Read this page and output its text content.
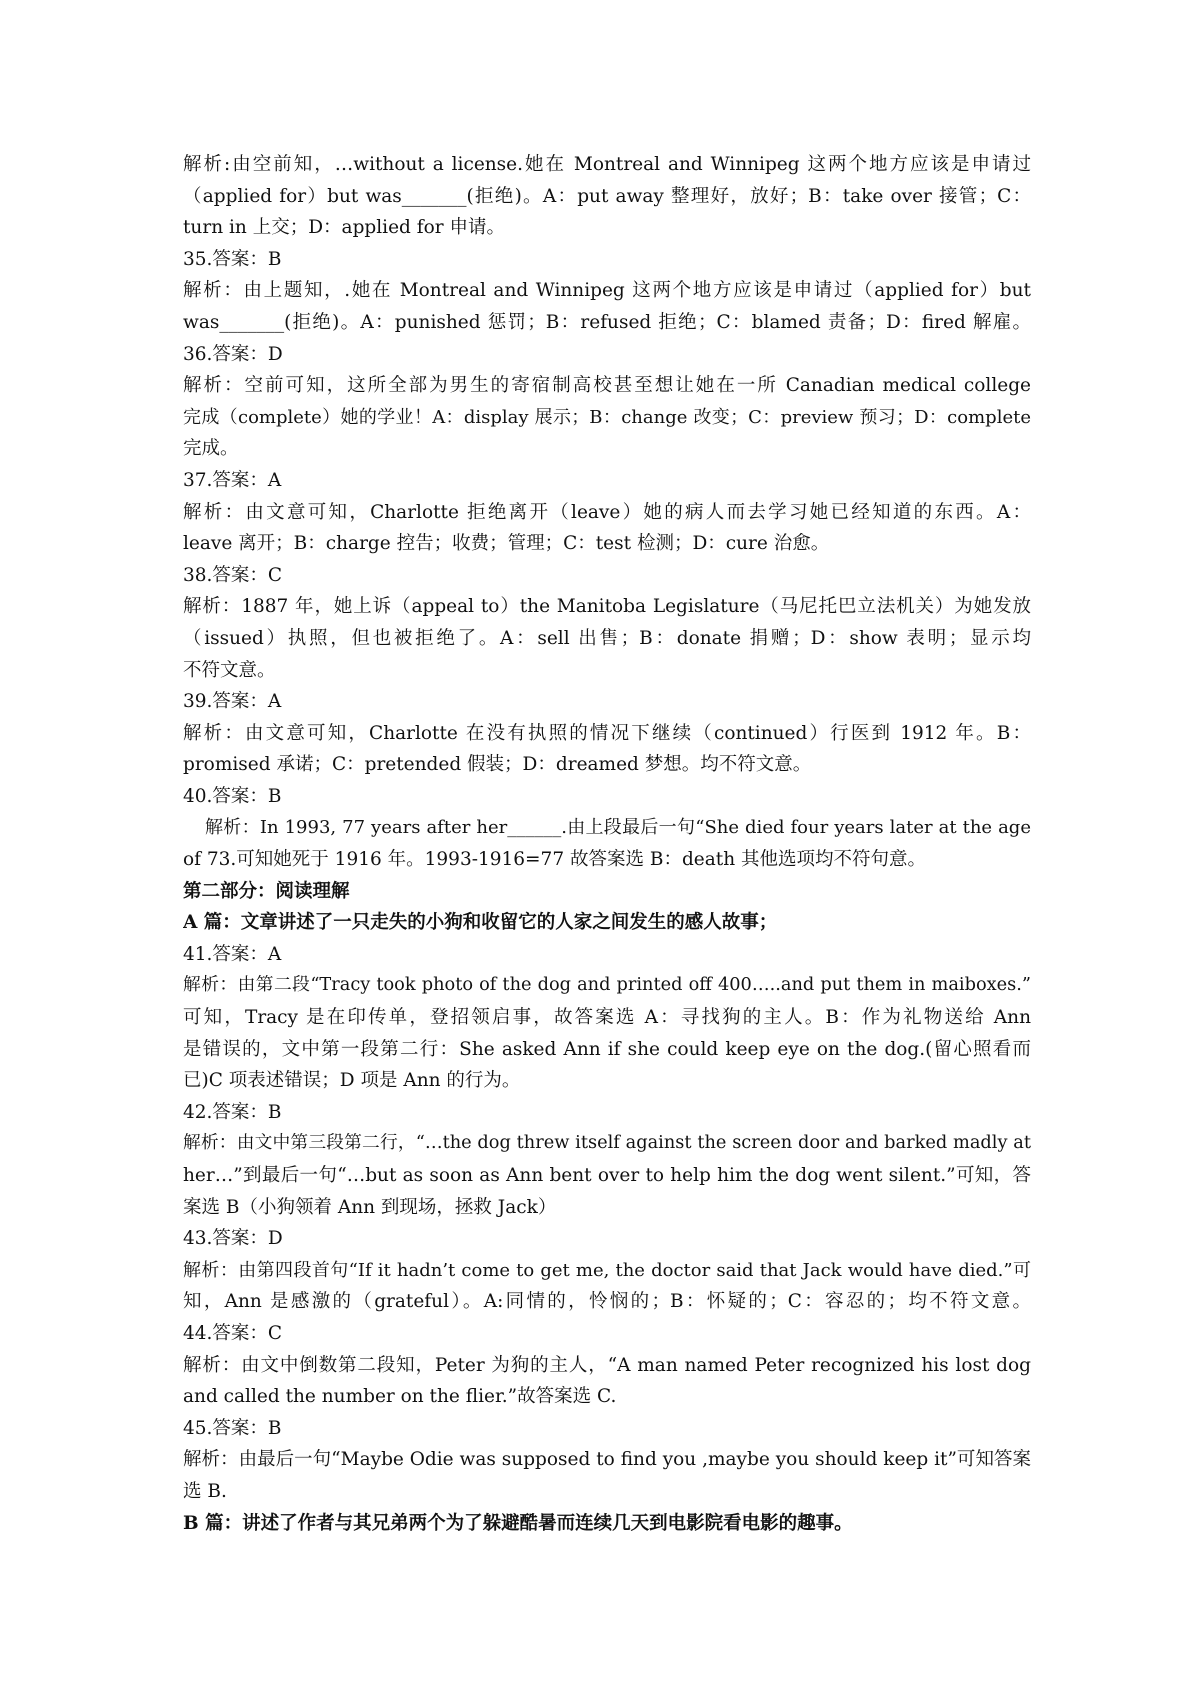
解析:由空前知，…without a license.她在 Montreal and Winnipeg 这两个地方应该是申请过
（applied for）but was_______(拒绝)。A：put away 整理好，放好；B：take over 接管；C：
turn in 上交；D：applied for 申请。
35.答案：B
解析：由上题知，.她在 Montreal and Winnipeg 这两个地方应该是申请过（applied for）but
was_______(拒绝)。A：punished 惩罚；B：refused 拒绝；C：blamed 责备；D：fired 解雇。
36.答案：D
解析：空前可知，这所全部为男生的寄宿制高校甚至想让她在一所 Canadian medical college
完成（complete）她的学业！A：display 展示；B：change 改变；C：preview 预习；D：complete
完成。
37.答案：A
解析：由文意可知，Charlotte 拒绝离开（leave）她的病人而去学习她已经知道的东西。A：
leave 离开；B：charge 控告；收费；管理；C：test 检测；D：cure 治愈。
38.答案：C
解析：1887 年，她上诉（appeal to）the Manitoba Legislature（马尼托巴立法机关）为她发放
（issued）执照，但也被拒绝了。A：sell 出售；B：donate 捐赠；D：show 表明；显示均
不符文意。
39.答案：A
解析：由文意可知，Charlotte 在没有执照的情况下继续（continued）行医到 1912 年。B：
promised 承诺；C：pretended 假装；D：dreamed 梦想。均不符文意。
40.答案：B
解析：In 1993, 77 years after her______.由上段最后一句“She died four years later at the age
of 73.可知她死于 1916 年。1993-1916=77 故答案选 B：death 其他选项均不符句意。
第二部分：阅读理解
A 篇：文章讲述了一只走失的小狗和收留它的人家之间发生的感人故事；
41.答案：A
解析：由第二段“Tracy took photo of the dog and printed off 400…..and put them in maiboxes.”
可知，Tracy 是在印传单，登招领启事，故答案选 A：寻找狗的主人。B：作为礼物送给 Ann
是错误的，文中第一段第二行：She asked Ann if she could keep eye on the dog.(留心照看而
已)C 项表述错误；D 项是 Ann 的行为。
42.答案：B
解析：由文中第三段第二行，“…the dog threw itself against the screen door and barked madly at
her…”到最后一句“…but as soon as Ann bent over to help him the dog went silent.”可知，答
案选 B（小狗领着 Ann 到现场，拯救 Jack）
43.答案：D
解析：由第四段首句“If it hadn’t come to get me, the doctor said that Jack would have died.”可
知，Ann 是感激的（grateful）。A:同情的，怜悯的；B：怀疑的；C：容忍的；均不符文意。
44.答案：C
解析：由文中倒数第二段知，Peter 为狗的主人，“A man named Peter recognized his lost dog
and called the number on the flier.”故答案选 C.
45.答案：B
解析：由最后一句“Maybe Odie was supposed to find you ,maybe you should keep it”可知答案
选 B.
B 篇：讲述了作者与其兄弟两个为了躲避酷暑而连续几天到电影院看电影的趣事。
